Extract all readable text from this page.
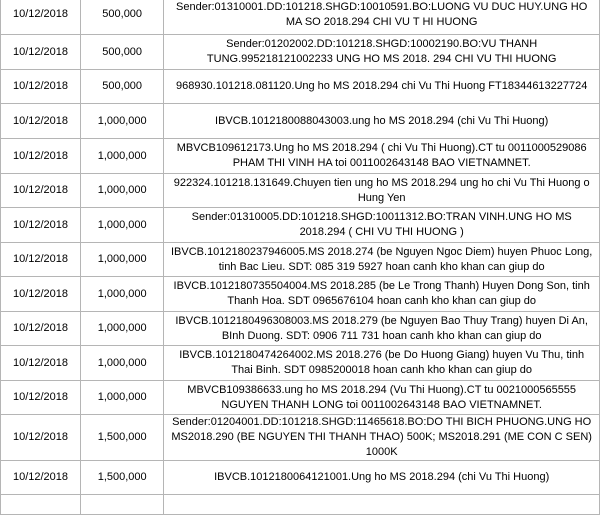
10/12/2018	500,000	Sender:01310001.DD:101218.SHGD:10010591.BO:LUONG VU DUC HUY.UNG HO MA SO 2018.294 CHI VU T HI HUONG
10/12/2018	500,000	Sender:01202002.DD:101218.SHGD:10002190.BO:VU THANH TUNG.995218121002233 UNG HO MS 2018. 294 CHI VU THI HUONG
10/12/2018	500,000	968930.101218.081120.Ung ho MS 2018.294 chi Vu Thi Huong FT18344613227724
10/12/2018	1,000,000	IBVCB.1012180088043003.ung ho MS 2018.294 (chi Vu Thi Huong)
10/12/2018	1,000,000	MBVCB109612173.Ung ho MS 2018.294 ( chi Vu Thi Huong).CT tu 0011000529086 PHAM THI VINH HA toi 0011002643148 BAO VIETNAMNET.
10/12/2018	1,000,000	922324.101218.131649.Chuyen tien ung ho MS 2018.294 ung ho chi Vu Thi Huong o Hung Yen
10/12/2018	1,000,000	Sender:01310005.DD:101218.SHGD:10011312.BO:TRAN VINH.UNG HO MS 2018.294 ( CHI VU THI HUONG )
10/12/2018	1,000,000	IBVCB.1012180237946005.MS 2018.274 (be Nguyen Ngoc Diem) huyen Phuoc Long, tinh Bac Lieu. SDT: 085 319 5927 hoan canh kho khan can giup do
10/12/2018	1,000,000	IBVCB.1012180735504004.MS 2018.285 (be Le Trong Thanh) Huyen Dong Son, tinh Thanh Hoa. SDT 0965676104 hoan canh kho khan can giup do
10/12/2018	1,000,000	IBVCB.1012180496308003.MS 2018.279 (be Nguyen Bao Thuy Trang) huyen Di An, BInh Duong. SDT: 0906 711 731 hoan canh kho khan can giup do
10/12/2018	1,000,000	IBVCB.1012180474264002.MS 2018.276 (be Do Huong Giang) huyen Vu Thu, tinh Thai Binh. SDT 0985200018 hoan canh kho khan can giup do
10/12/2018	1,000,000	MBVCB109386633.ung ho MS 2018.294 (Vu Thi Huong).CT tu 0021000565555 NGUYEN THANH LONG toi 0011002643148 BAO VIETNAMNET.
10/12/2018	1,500,000	Sender:01204001.DD:101218.SHGD:11465618.BO:DO THI BICH PHUONG.UNG HO MS2018.290 (BE NGUYEN THI THANH THAO) 500K; MS2018.291 (ME CON C SEN) 1000K
10/12/2018	1,500,000	IBVCB.1012180064121001.Ung ho MS 2018.294 (chi Vu Thi Huong)
